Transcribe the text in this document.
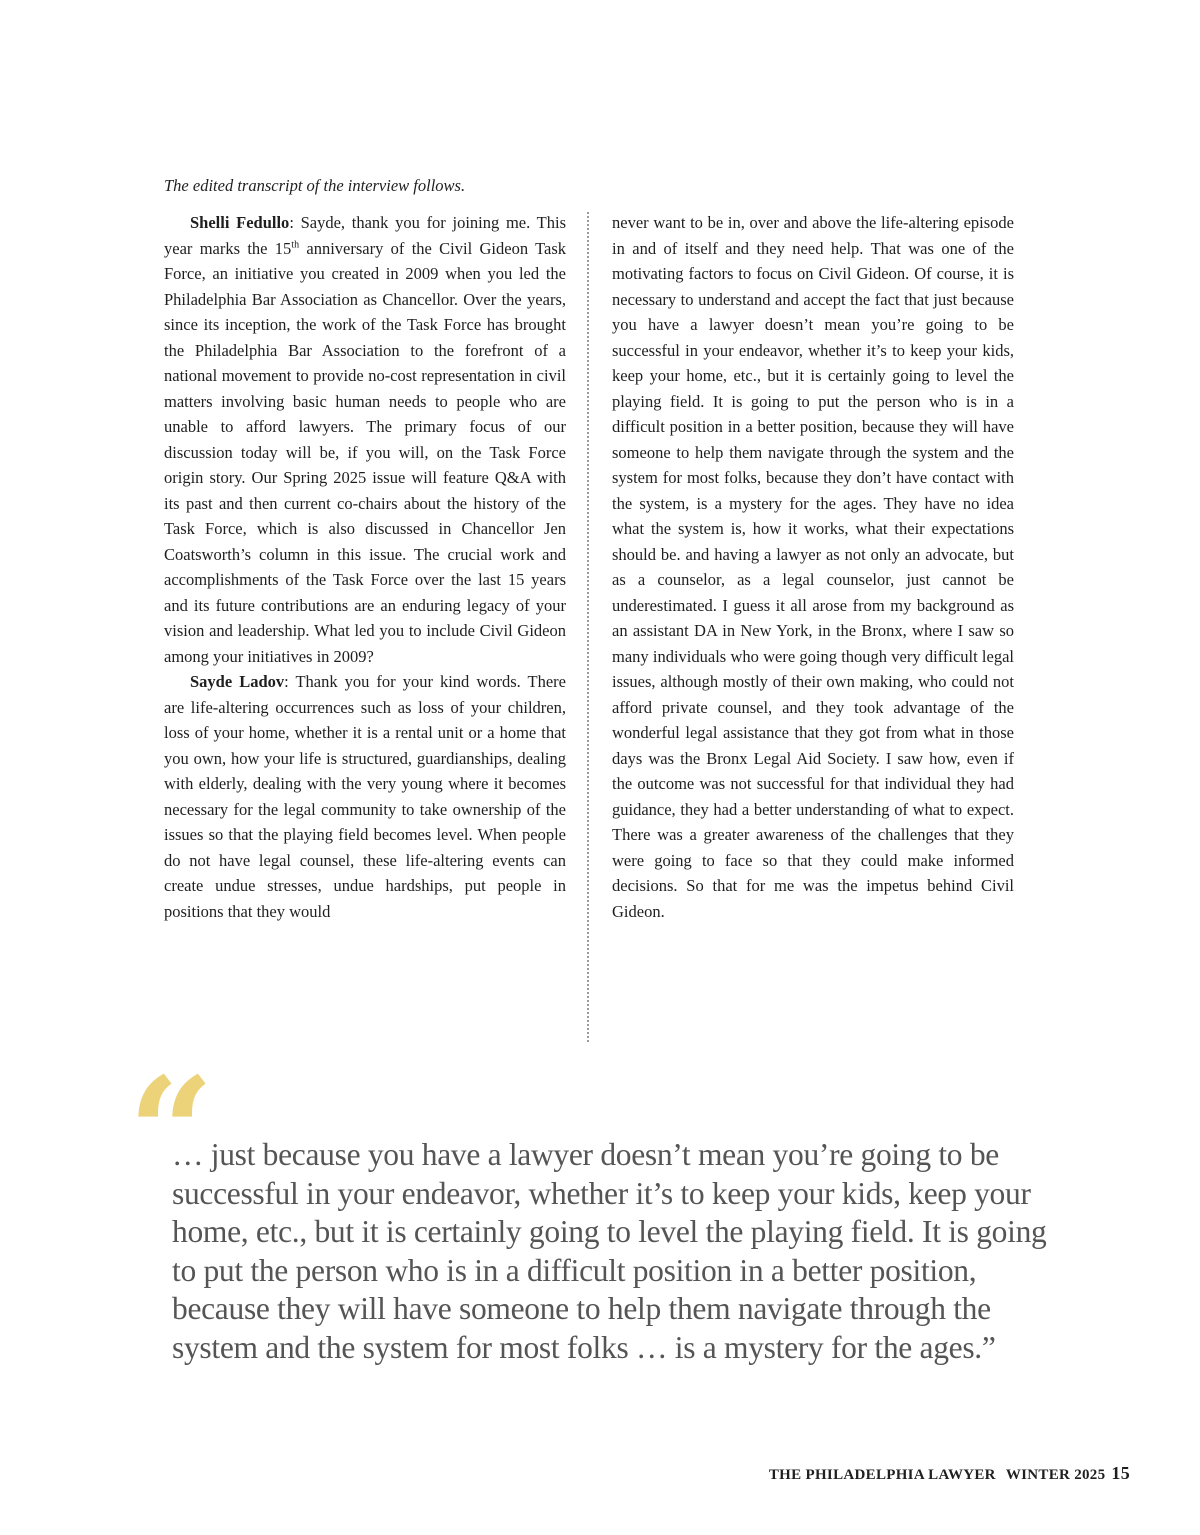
The edited transcript of the interview follows.

Shelli Fedullo: Sayde, thank you for joining me. This year marks the 15th anniversary of the Civil Gideon Task Force, an initiative you created in 2009 when you led the Philadelphia Bar Association as Chancellor. Over the years, since its inception, the work of the Task Force has brought the Philadelphia Bar Association to the forefront of a national movement to provide no-cost representation in civil matters involving basic human needs to people who are unable to afford lawyers. The primary focus of our discussion today will be, if you will, on the Task Force origin story. Our Spring 2025 issue will feature Q&A with its past and then current co-chairs about the history of the Task Force, which is also discussed in Chancellor Jen Coatsworth’s column in this issue. The crucial work and accomplishments of the Task Force over the last 15 years and its future contributions are an enduring legacy of your vision and leadership. What led you to include Civil Gideon among your initiatives in 2009?

Sayde Ladov: Thank you for your kind words. There are life-altering occurrences such as loss of your children, loss of your home, whether it is a rental unit or a home that you own, how your life is structured, guardianships, dealing with elderly, dealing with the very young where it becomes necessary for the legal community to take ownership of the issues so that the playing field becomes level. When people do not have legal counsel, these life-altering events can create undue stresses, undue hardships, put people in positions that they would

never want to be in, over and above the life-altering episode in and of itself and they need help. That was one of the motivating factors to focus on Civil Gideon. Of course, it is necessary to understand and accept the fact that just because you have a lawyer doesn’t mean you’re going to be successful in your endeavor, whether it’s to keep your kids, keep your home, etc., but it is certainly going to level the playing field. It is going to put the person who is in a difficult position in a better position, because they will have someone to help them navigate through the system and the system for most folks, because they don’t have contact with the system, is a mystery for the ages. They have no idea what the system is, how it works, what their expectations should be. and having a lawyer as not only an advocate, but as a counselor, as a legal counselor, just cannot be underestimated. I guess it all arose from my background as an assistant DA in New York, in the Bronx, where I saw so many individuals who were going though very difficult legal issues, although mostly of their own making, who could not afford private counsel, and they took advantage of the wonderful legal assistance that they got from what in those days was the Bronx Legal Aid Society. I saw how, even if the outcome was not successful for that individual they had guidance, they had a better understanding of what to expect. There was a greater awareness of the challenges that they were going to face so that they could make informed decisions. So that for me was the impetus behind Civil Gideon.

“

… just because you have a lawyer doesn’t mean you’re going to be successful in your endeavor, whether it’s to keep your kids, keep your home, etc., but it is certainly going to level the playing field. It is going to put the person who is in a difficult position in a better position, because they will have someone to help them navigate through the system and the system for most folks … is a mystery for the ages.”

THE PHILADELPHIA LAWYER WINTER 2025 15
